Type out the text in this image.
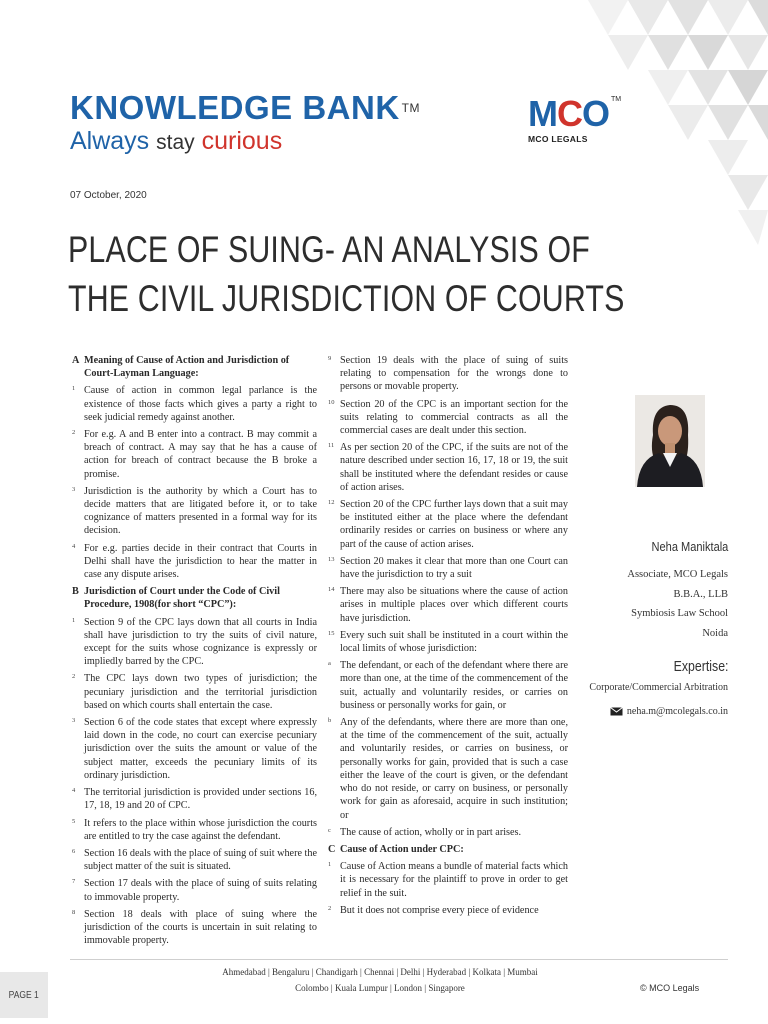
KNOWLEDGE BANK ™
Always stay curious
MCO TM
MCO LEGALS
07 October, 2020
PLACE OF SUING- AN ANALYSIS OF
THE CIVIL JURISDICTION OF COURTS
A Meaning of Cause of Action and Jurisdiction of Court-Layman Language:
1 Cause of action in common legal parlance is the existence of those facts which gives a party a right to seek judicial remedy against another.
2 For e.g. A and B enter into a contract. B may commit a breach of contract. A may say that he has a cause of action for breach of contract because the B broke a promise.
3 Jurisdiction is the authority by which a Court has to decide matters that are litigated before it, or to take cognizance of matters presented in a formal way for its decision.
4 For e.g. parties decide in their contract that Courts in Delhi shall have the jurisdiction to hear the matter in case any dispute arises.
B Jurisdiction of Court under the Code of Civil Procedure, 1908(for short “CPC”):
1 Section 9 of the CPC lays down that all courts in India shall have jurisdiction to try the suits of civil nature, except for the suits whose cognizance is expressly or impliedly barred by the CPC.
2 The CPC lays down two types of jurisdiction; the pecuniary jurisdiction and the territorial jurisdiction based on which courts shall entertain the case.
3 Section 6 of the code states that except where expressly laid down in the code, no court can exercise pecuniary jurisdiction over the suits the amount or value of the subject matter, exceeds the pecuniary limits of its ordinary jurisdiction.
4 The territorial jurisdiction is provided under sections 16, 17, 18, 19 and 20 of CPC.
5 It refers to the place within whose jurisdiction the courts are entitled to try the case against the defendant.
6 Section 16 deals with the place of suing of suit where the subject matter of the suit is situated.
7 Section 17 deals with the place of suing of suits relating to immovable property.
8 Section 18 deals with place of suing where the jurisdiction of the courts is uncertain in suit relating to immovable property.
9 Section 19 deals with the place of suing of suits relating to compensation for the wrongs done to persons or movable property.
10 Section 20 of the CPC is an important section for the suits relating to commercial contracts as all the commercial cases are dealt under this section.
11 As per section 20 of the CPC, if the suits are not of the nature described under section 16, 17, 18 or 19, the suit shall be instituted where the defendant resides or cause of action arises.
12 Section 20 of the CPC further lays down that a suit may be instituted either at the place where the defendant ordinarily resides or carries on business or where any part of the cause of action arises.
13 Section 20 makes it clear that more than one Court can have the jurisdiction to try a suit
14 There may also be situations where the cause of action arises in multiple places over which different courts have jurisdiction.
15 Every such suit shall be instituted in a court within the local limits of whose jurisdiction:
a The defendant, or each of the defendant where there are more than one, at the time of the commencement of the suit, actually and voluntarily resides, or carries on business or personally works for gain, or
b Any of the defendants, where there are more than one, at the time of the commencement of the suit, actually and voluntarily resides, or carries on business, or personally works for gain, provided that is such a case either the leave of the court is given, or the defendant who do not reside, or carry on business, or personally work for gain as aforesaid, acquire in such institution; or
c The cause of action, wholly or in part arises.
C Cause of Action under CPC:
1 Cause of Action means a bundle of material facts which it is necessary for the plaintiff to prove in order to get relief in the suit.
2 But it does not comprise every piece of evidence
Neha Maniktala
Associate, MCO Legals
B.B.A., LLB
Symbiosis Law School
Noida
Expertise:
Corporate/Commercial Arbitration
neha.m@mcolegals.co.in
Ahmedabad | Bengaluru | Chandigarh | Chennai | Delhi | Hyderabad | Kolkata | Mumbai
Colombo | Kuala Lumpur | London | Singapore	© MCO Legals
PAGE 1
